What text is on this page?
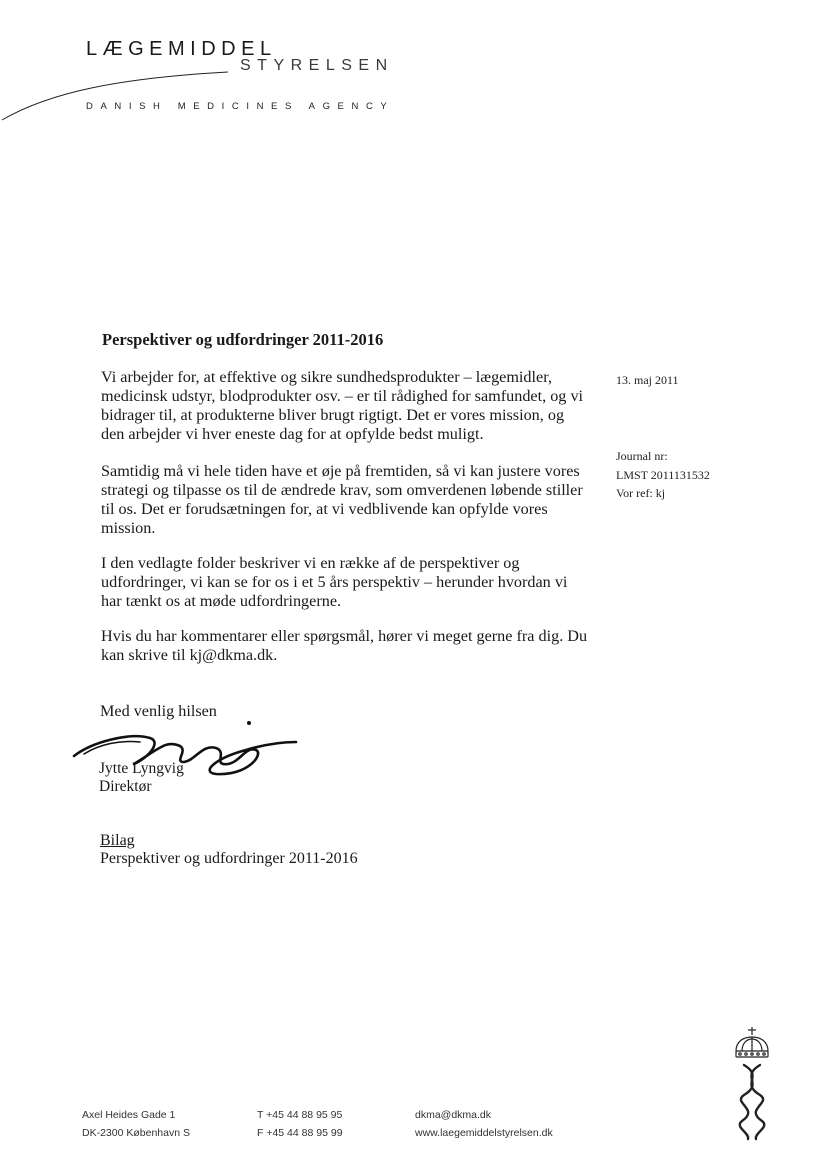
LÆGEMIDDEL
STYRELSEN
DANISH MEDICINES AGENCY
Perspektiver og udfordringer 2011-2016
Vi arbejder for, at effektive og sikre sundhedsprodukter – lægemidler, medicinsk udstyr, blodprodukter osv. – er til rådighed for samfundet, og vi bidrager til, at produkterne bliver brugt rigtigt. Det er vores mission, og den arbejder vi hver eneste dag for at opfylde bedst muligt.
Samtidig må vi hele tiden have et øje på fremtiden, så vi kan justere vores strategi og tilpasse os til de ændrede krav, som omverdenen løbende stiller til os. Det er forudsætningen for, at vi vedblivende kan opfylde vores mission.
I den vedlagte folder beskriver vi en række af de perspektiver og udfordringer, vi kan se for os i et 5 års perspektiv – herunder hvordan vi har tænkt os at møde udfordringerne.
Hvis du har kommentarer eller spørgsmål, hører vi meget gerne fra dig. Du kan skrive til kj@dkma.dk.
Med venlig hilsen
Jytte Lyngvig
Direktør
Bilag
Perspektiver og udfordringer 2011-2016
13. maj 2011
Journal nr:
LMST 2011131532
Vor ref: kj
Axel Heides Gade 1
DK-2300 København S
T +45 44 88 95 95
F +45 44 88 95 99
dkma@dkma.dk
www.laegemiddelstyrelsen.dk
